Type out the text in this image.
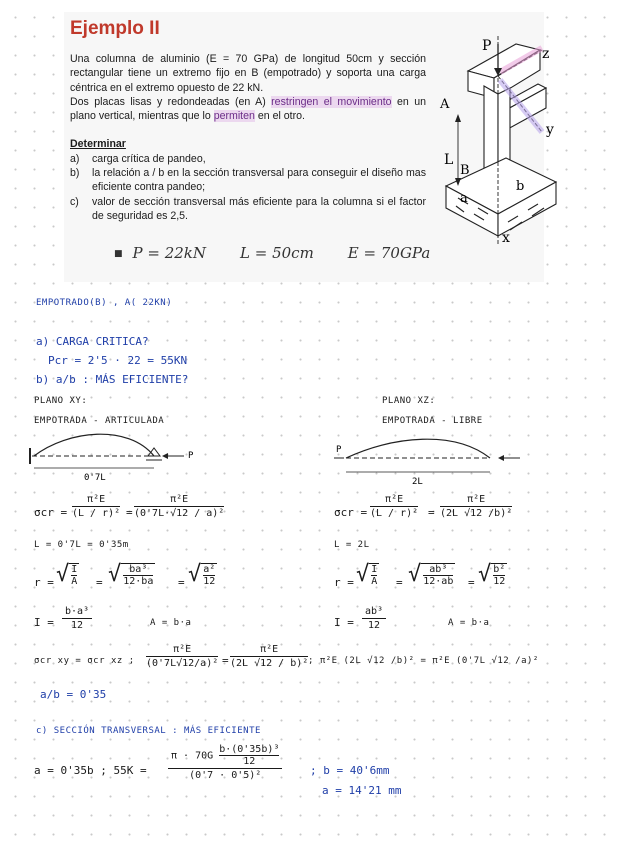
Ejemplo II

Una columna de aluminio (E = 70 GPa) de longitud 50cm y sección rectangular tiene un extremo fijo en B (empotrado) y soporta una carga céntrica en el extremo opuesto de 22 kN.

Dos placas lisas y redondeadas (en A) restringen el movimiento en un plano vertical, mientras que lo permiten en el otro.

Determinar

a) carga crítica de pandeo,
b) la relación a / b en la sección transversal para conseguir el diseño mas eficiente contra pandeo;
c) valor de sección transversal más eficiente para la columna si el factor de seguridad es 2,5.
■ P = 22kN L = 50cm E = 70GPa
P	z
A
L
B
y
b
a
x
EMPOTRADO(B) , A( 22KN)
a) CARGA CRITICA?
Pcr = 2'5 · 22 = 55KN
b) a/b : MÁS EFICIENTE?
PLANO XY:
EMPOTRADA - ARTICULADA
PLANO XZ:
EMPOTRADA - LIBRE
P
0'7L
P
2L
$\sigma cr = \frac{\text{π²E}}{\text{(L / r)²}} = \frac{\text{π²E}}{\text{(0'7L·√12 / a)²}}$	$\sigma cr = \frac{\text{π²E}}{\text{(L / r)²}} = \frac{\text{π²E}}{\text{(2L √12 /b)²}}$
L = 0'7L = 0'35m	L = 2L
r = √ $\frac{I}{A}$ = √ $\frac{\text{ba³}}{12\cdot ba}$ = √ $\frac{\text{a²}}{12}$	r = √ $\frac{I}{A}$ = √ $\frac{\text{ab³}}{12\cdot ab}$ = √ $\frac{\text{b²}}{12}$
$I = \frac{\text{b·a³}}{12}$	A = b·a	$I = \frac{\text{ab³}}{12}$	A = b·a
σcr xy = σcr xz ; $\frac{\text{π²E}}{\text{(0'7L√12/a)²}} = \frac{\text{π²E}}{\text{(2L √12 / b)²}}$ ; π²E (2L √12 /b)² = π²E (0'7L √12 /a)²
a/b = 0'35
c) SECCIÓN TRANSVERSAL : MÁS EFICIENTE
a = 0'35b ; $55K = \frac{\pi \cdot 70G \frac{\text{b·(0'35b)³}}{12}}{\text{(0'7 · 0'5)²}}$	; b = 40'6mm
a = 14'21 mm
